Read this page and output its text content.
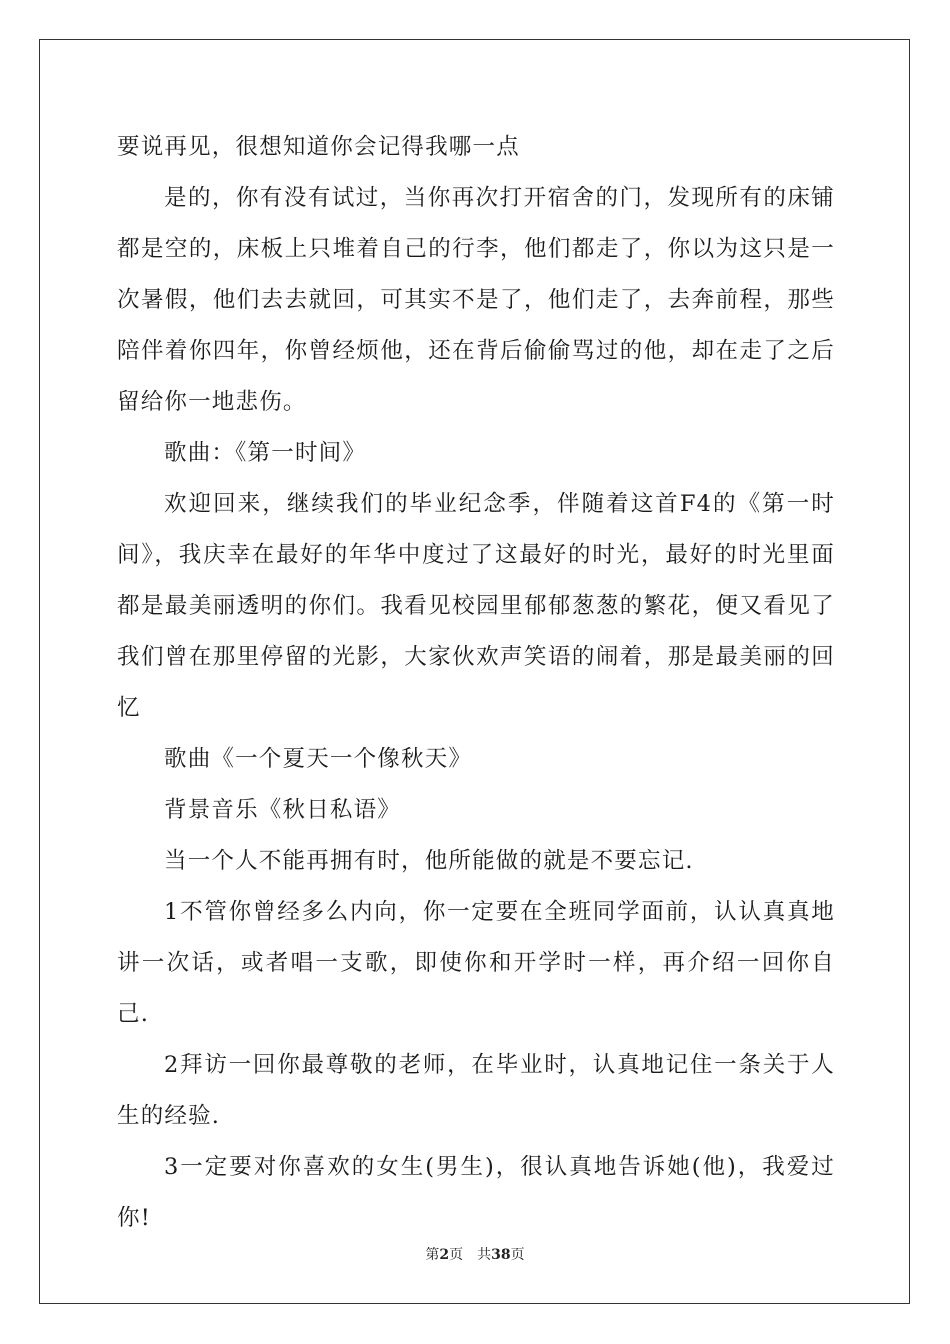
要说再见，很想知道你会记得我哪一点

是的，你有没有试过，当你再次打开宿舍的门，发现所有的床铺都是空的，床板上只堆着自己的行李，他们都走了，你以为这只是一次暑假，他们去去就回，可其实不是了，他们走了，去奔前程，那些陪伴着你四年，你曾经烦他，还在背后偷偷骂过的他，却在走了之后留给你一地悲伤。

歌曲：《第一时间》

欢迎回来，继续我们的毕业纪念季，伴随着这首F4的《第一时间》，我庆幸在最好的年华中度过了这最好的时光，最好的时光里面都是最美丽透明的你们。我看见校园里郁郁葱葱的繁花，便又看见了我们曾在那里停留的光影，大家伙欢声笑语的闹着，那是最美丽的回忆

歌曲《一个夏天一个像秋天》

背景音乐《秋日私语》

当一个人不能再拥有时，他所能做的就是不要忘记.

1不管你曾经多么内向，你一定要在全班同学面前，认认真真地讲一次话，或者唱一支歌，即使你和开学时一样，再介绍一回你自己.

2拜访一回你最尊敬的老师，在毕业时，认真地记住一条关于人生的经验.

3一定要对你喜欢的女生(男生)，很认真地告诉她(他)，我爱过你!

第2页 共38页
